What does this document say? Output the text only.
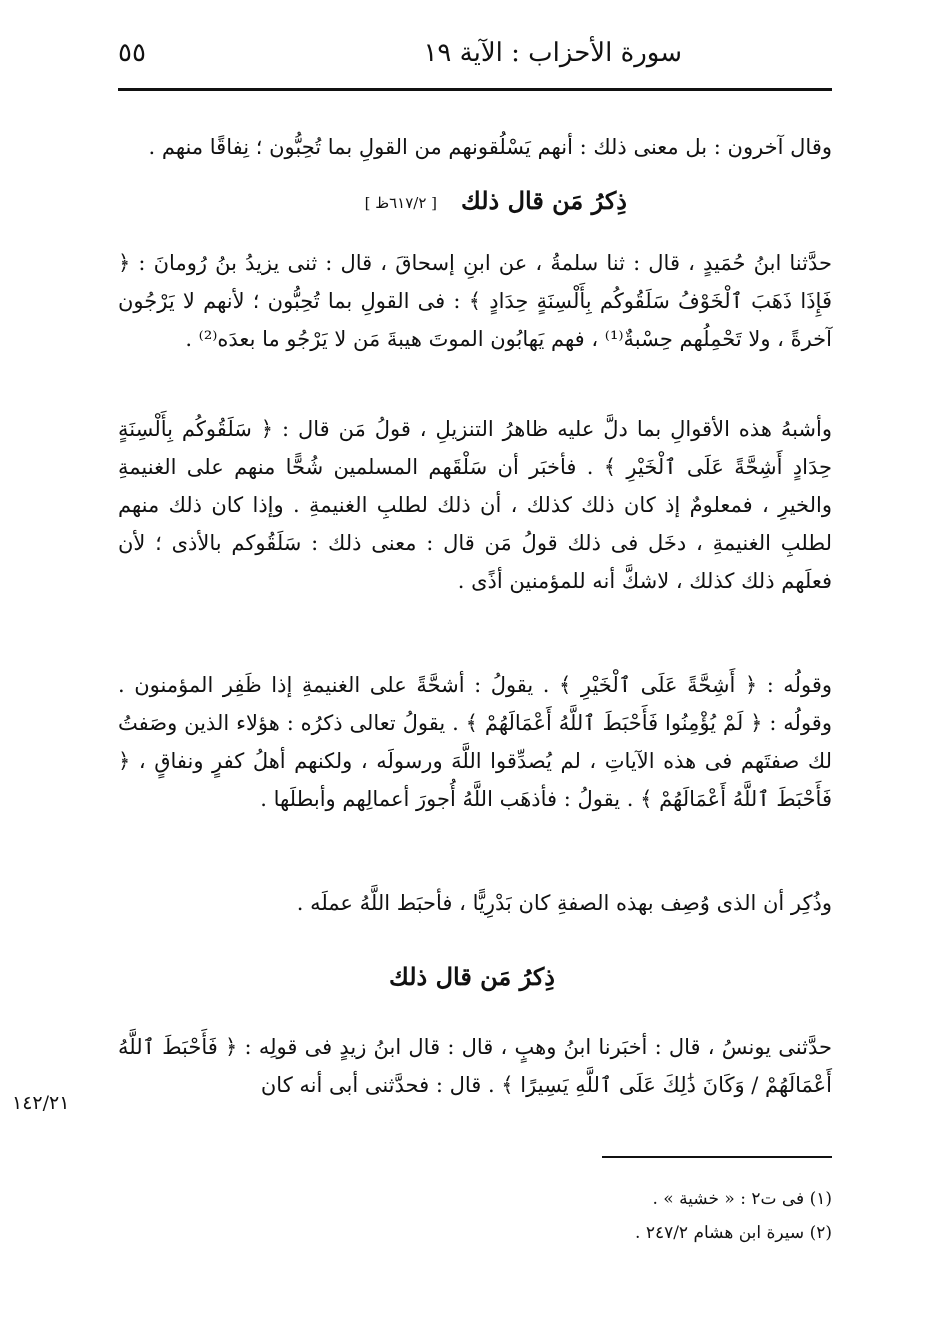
سورة الأحزاب : الآية ١٩
٥٥
وقال آخرون : بل معنى ذلك : أنهم يَسْلُقونهم من القولِ بما تُحِبُّون ؛ نِفاقًا منهم .
ذِكرُ مَن قال ذلك
[ ٦١٧/٢ظ ]
حدَّثنا ابنُ حُمَيدٍ ، قال : ثنا سلمةُ ، عن ابنِ إسحاقَ ، قال : ثنى يزيدُ بنُ رُومانَ : ﴿ فَإِذَا ذَهَبَ ٱلْخَوْفُ سَلَقُوكُم بِأَلْسِنَةٍ حِدَادٍ ﴾ : فى القولِ بما تُحِبُّون ؛ لأنهم لا يَرْجُون آخرةً ، ولا تَحْمِلُهم حِسْبةٌ⁽¹⁾ ، فهم يَهابُون الموتَ هيبةَ مَن لا يَرْجُو ما بعدَه⁽²⁾ .
وأشبهُ هذه الأقوالِ بما دلَّ عليه ظاهرُ التنزيلِ ، قولُ مَن قال : ﴿ سَلَقُوكُم بِأَلْسِنَةٍ حِدَادٍ أَشِحَّةً عَلَى ٱلْخَيْرِ ﴾ . فأخبَر أن سَلْقَهم المسلمين شُحًّا منهم على الغنيمةِ والخيرِ ، فمعلومٌ إذ كان ذلك كذلك ، أن ذلك لطلبِ الغنيمةِ . وإذا كان ذلك منهم لطلبِ الغنيمةِ ، دخَل فى ذلك قولُ مَن قال : معنى ذلك : سَلَقُوكم بالأذى ؛ لأن فعلَهم ذلك كذلك ، لاشكَّ أنه للمؤمنين أذًى .
وقولُه : ﴿ أَشِحَّةً عَلَى ٱلْخَيْرِ ﴾ . يقولُ : أشحَّةً على الغنيمةِ إذا ظَفِر المؤمنون . وقولُه : ﴿ لَمْ يُؤْمِنُوا فَأَحْبَطَ ٱللَّهُ أَعْمَالَهُمْ ﴾ . يقولُ تعالى ذكرُه : هؤلاء الذين وصَفتُ لك صفتَهم فى هذه الآياتِ ، لم يُصدِّقوا اللَّهَ ورسولَه ، ولكنهم أهلُ كفرٍ ونفاقٍ ، ﴿ فَأَحْبَطَ ٱللَّهُ أَعْمَالَهُمْ ﴾ . يقولُ : فأذهَب اللَّهُ أُجورَ أعمالِهم وأبطلَها .
وذُكِر أن الذى وُصِف بهذه الصفةِ كان بَدْرِيًّا ، فأحبَط اللَّهُ عملَه .
ذِكرُ مَن قال ذلك
حدَّثنى يونسُ ، قال : أخبَرنا ابنُ وهبٍ ، قال : قال ابنُ زيدٍ فى قولِه : ﴿ فَأَحْبَطَ ٱللَّهُ أَعْمَالَهُمْ / وَكَانَ ذَٰلِكَ عَلَى ٱللَّهِ يَسِيرًا ﴾ . قال : فحدَّثنى أبى أنه كان
١٤٢/٢١
(١) فى ت٢ : « خشية » .
(٢) سيرة ابن هشام ٢٤٧/٢ .
